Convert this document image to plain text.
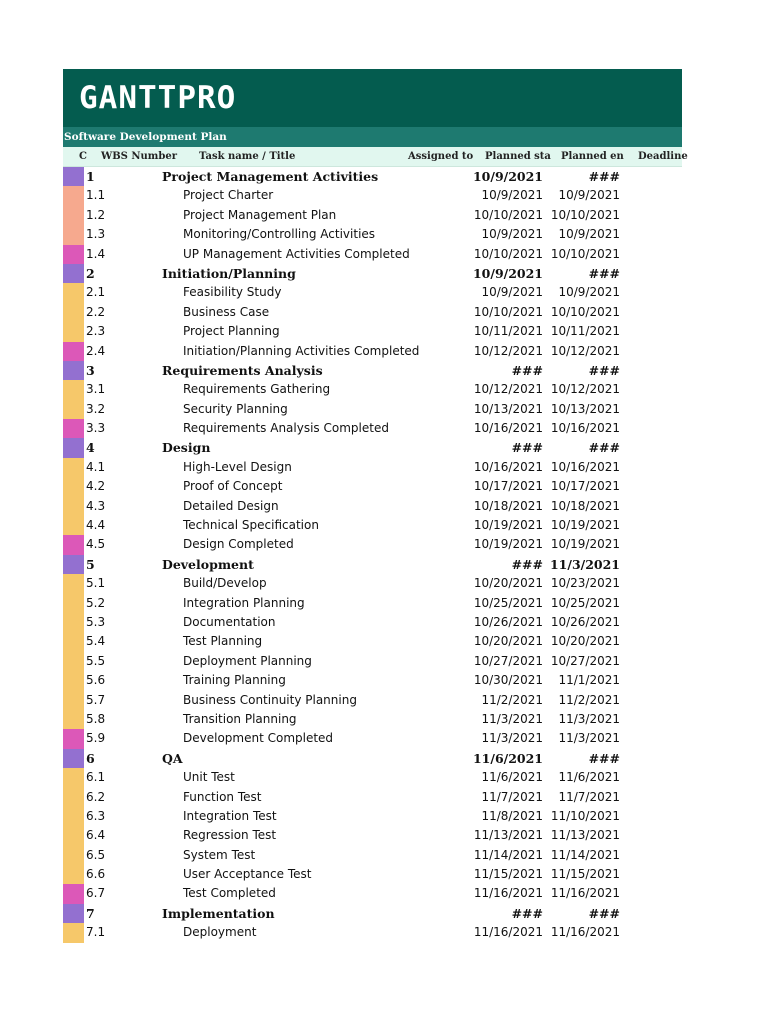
GANTTPRO
Software Development Plan
C WBS Number	Task name / Title	Assigned to Planned sta Planned en Deadline
1	Project Management Activities	10/9/2021	###
1.1	Project Charter	10/9/2021 10/9/2021
1.2	Project Management Plan	10/10/2021 10/10/2021
1.3	Monitoring/Controlling Activities	10/9/2021 10/9/2021
1.4	UP Management Activities Completed	10/10/2021 10/10/2021
2	Initiation/Planning	10/9/2021	###
2.1	Feasibility Study	10/9/2021 10/9/2021
2.2	Business Case	10/10/2021 10/10/2021
2.3	Project Planning	10/11/2021 10/11/2021
2.4	Initiation/Planning Activities Completed	10/12/2021 10/12/2021
3	Requirements Analysis	###	###
3.1	Requirements Gathering	10/12/2021 10/12/2021
3.2	Security Planning	10/13/2021 10/13/2021
3.3	Requirements Analysis Completed	10/16/2021 10/16/2021
4	Design	###	###
4.1	High-Level Design	10/16/2021 10/16/2021
4.2	Proof of Concept	10/17/2021 10/17/2021
4.3	Detailed Design	10/18/2021 10/18/2021
4.4	Technical Specification	10/19/2021 10/19/2021
4.5	Design Completed	10/19/2021 10/19/2021
5	Development	### 11/3/2021
5.1	Build/Develop	10/20/2021 10/23/2021
5.2	Integration Planning	10/25/2021 10/25/2021
5.3	Documentation	10/26/2021 10/26/2021
5.4	Test Planning	10/20/2021 10/20/2021
5.5	Deployment Planning	10/27/2021 10/27/2021
5.6	Training Planning	10/30/2021 11/1/2021
5.7	Business Continuity Planning	11/2/2021 11/2/2021
5.8	Transition Planning	11/3/2021 11/3/2021
5.9	Development Completed	11/3/2021 11/3/2021
6	QA	11/6/2021	###
6.1	Unit Test	11/6/2021 11/6/2021
6.2	Function Test	11/7/2021 11/7/2021
6.3	Integration Test	11/8/2021 11/10/2021
6.4	Regression Test	11/13/2021 11/13/2021
6.5	System Test	11/14/2021 11/14/2021
6.6	User Acceptance Test	11/15/2021 11/15/2021
6.7	Test Completed	11/16/2021 11/16/2021
7	Implementation	###	###
7.1	Deployment	11/16/2021 11/16/2021
